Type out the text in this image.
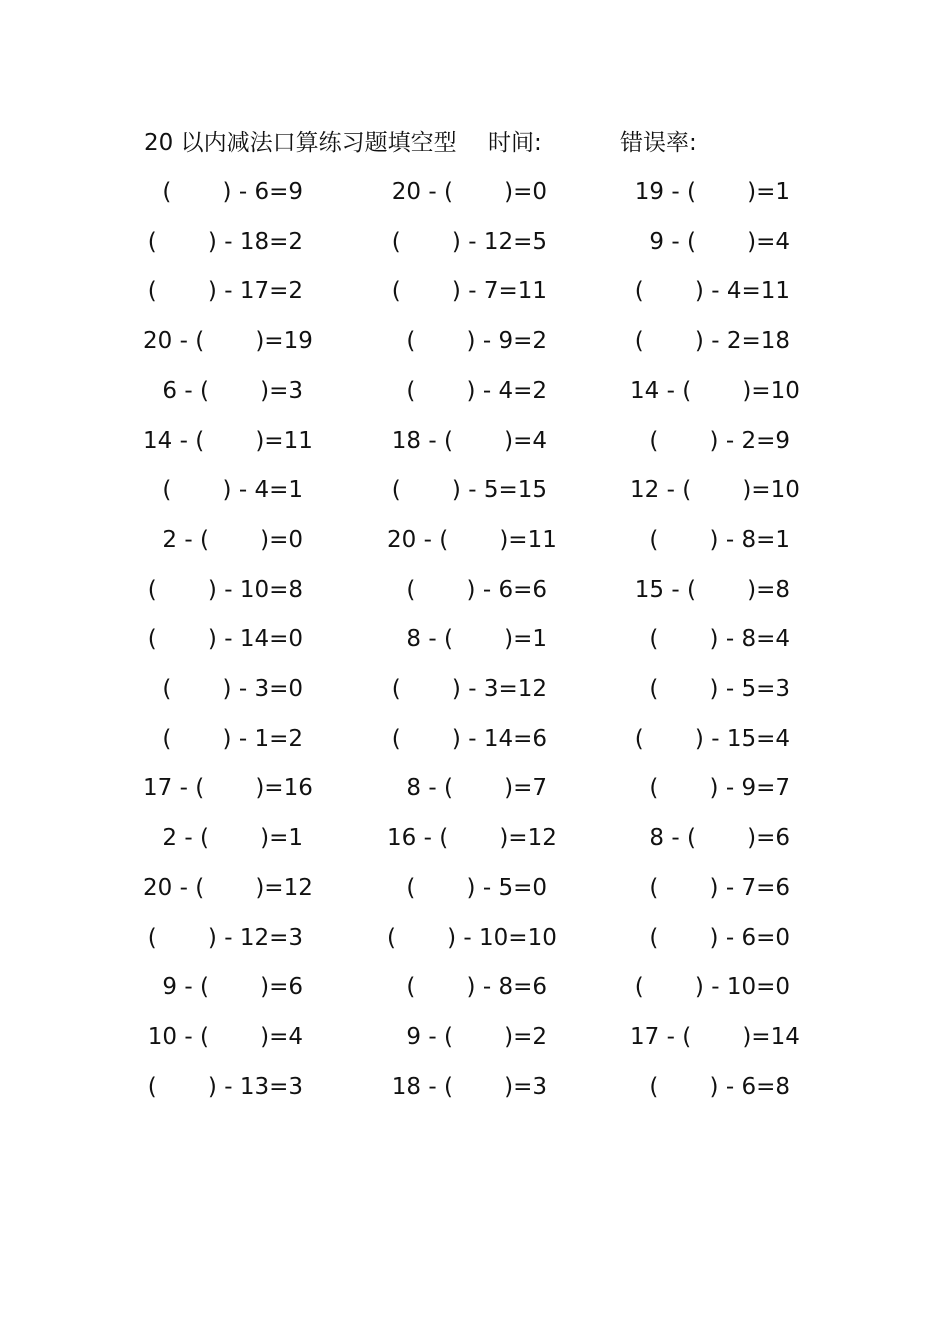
20 以内减法口算练习题填空型 时间:	错误率:
(       ) - 6=9	20 - (       )=0	19 - (       )=1
(       ) - 18=2	(       ) - 12=5	9 - (       )=4
(       ) - 17=2	(       ) - 7=11	(       ) - 4=11
20 - (       )=19	(       ) - 9=2	(       ) - 2=18
6 - (       )=3	(       ) - 4=2	14 - (       )=10
14 - (       )=11	18 - (       )=4	(       ) - 2=9
(       ) - 4=1	(       ) - 5=15	12 - (       )=10
2 - (       )=0	20 - (       )=11	(       ) - 8=1
(       ) - 10=8	(       ) - 6=6	15 - (       )=8
(       ) - 14=0	8 - (       )=1	(       ) - 8=4
(       ) - 3=0	(       ) - 3=12	(       ) - 5=3
(       ) - 1=2	(       ) - 14=6	(       ) - 15=4
17 - (       )=16	8 - (       )=7	(       ) - 9=7
2 - (       )=1	16 - (       )=12	8 - (       )=6
20 - (       )=12	(       ) - 5=0	(       ) - 7=6
(       ) - 12=3	(       ) - 10=10	(       ) - 6=0
9 - (       )=6	(       ) - 8=6	(       ) - 10=0
10 - (       )=4	9 - (       )=2	17 - (       )=14
(       ) - 13=3	18 - (       )=3	(       ) - 6=8
